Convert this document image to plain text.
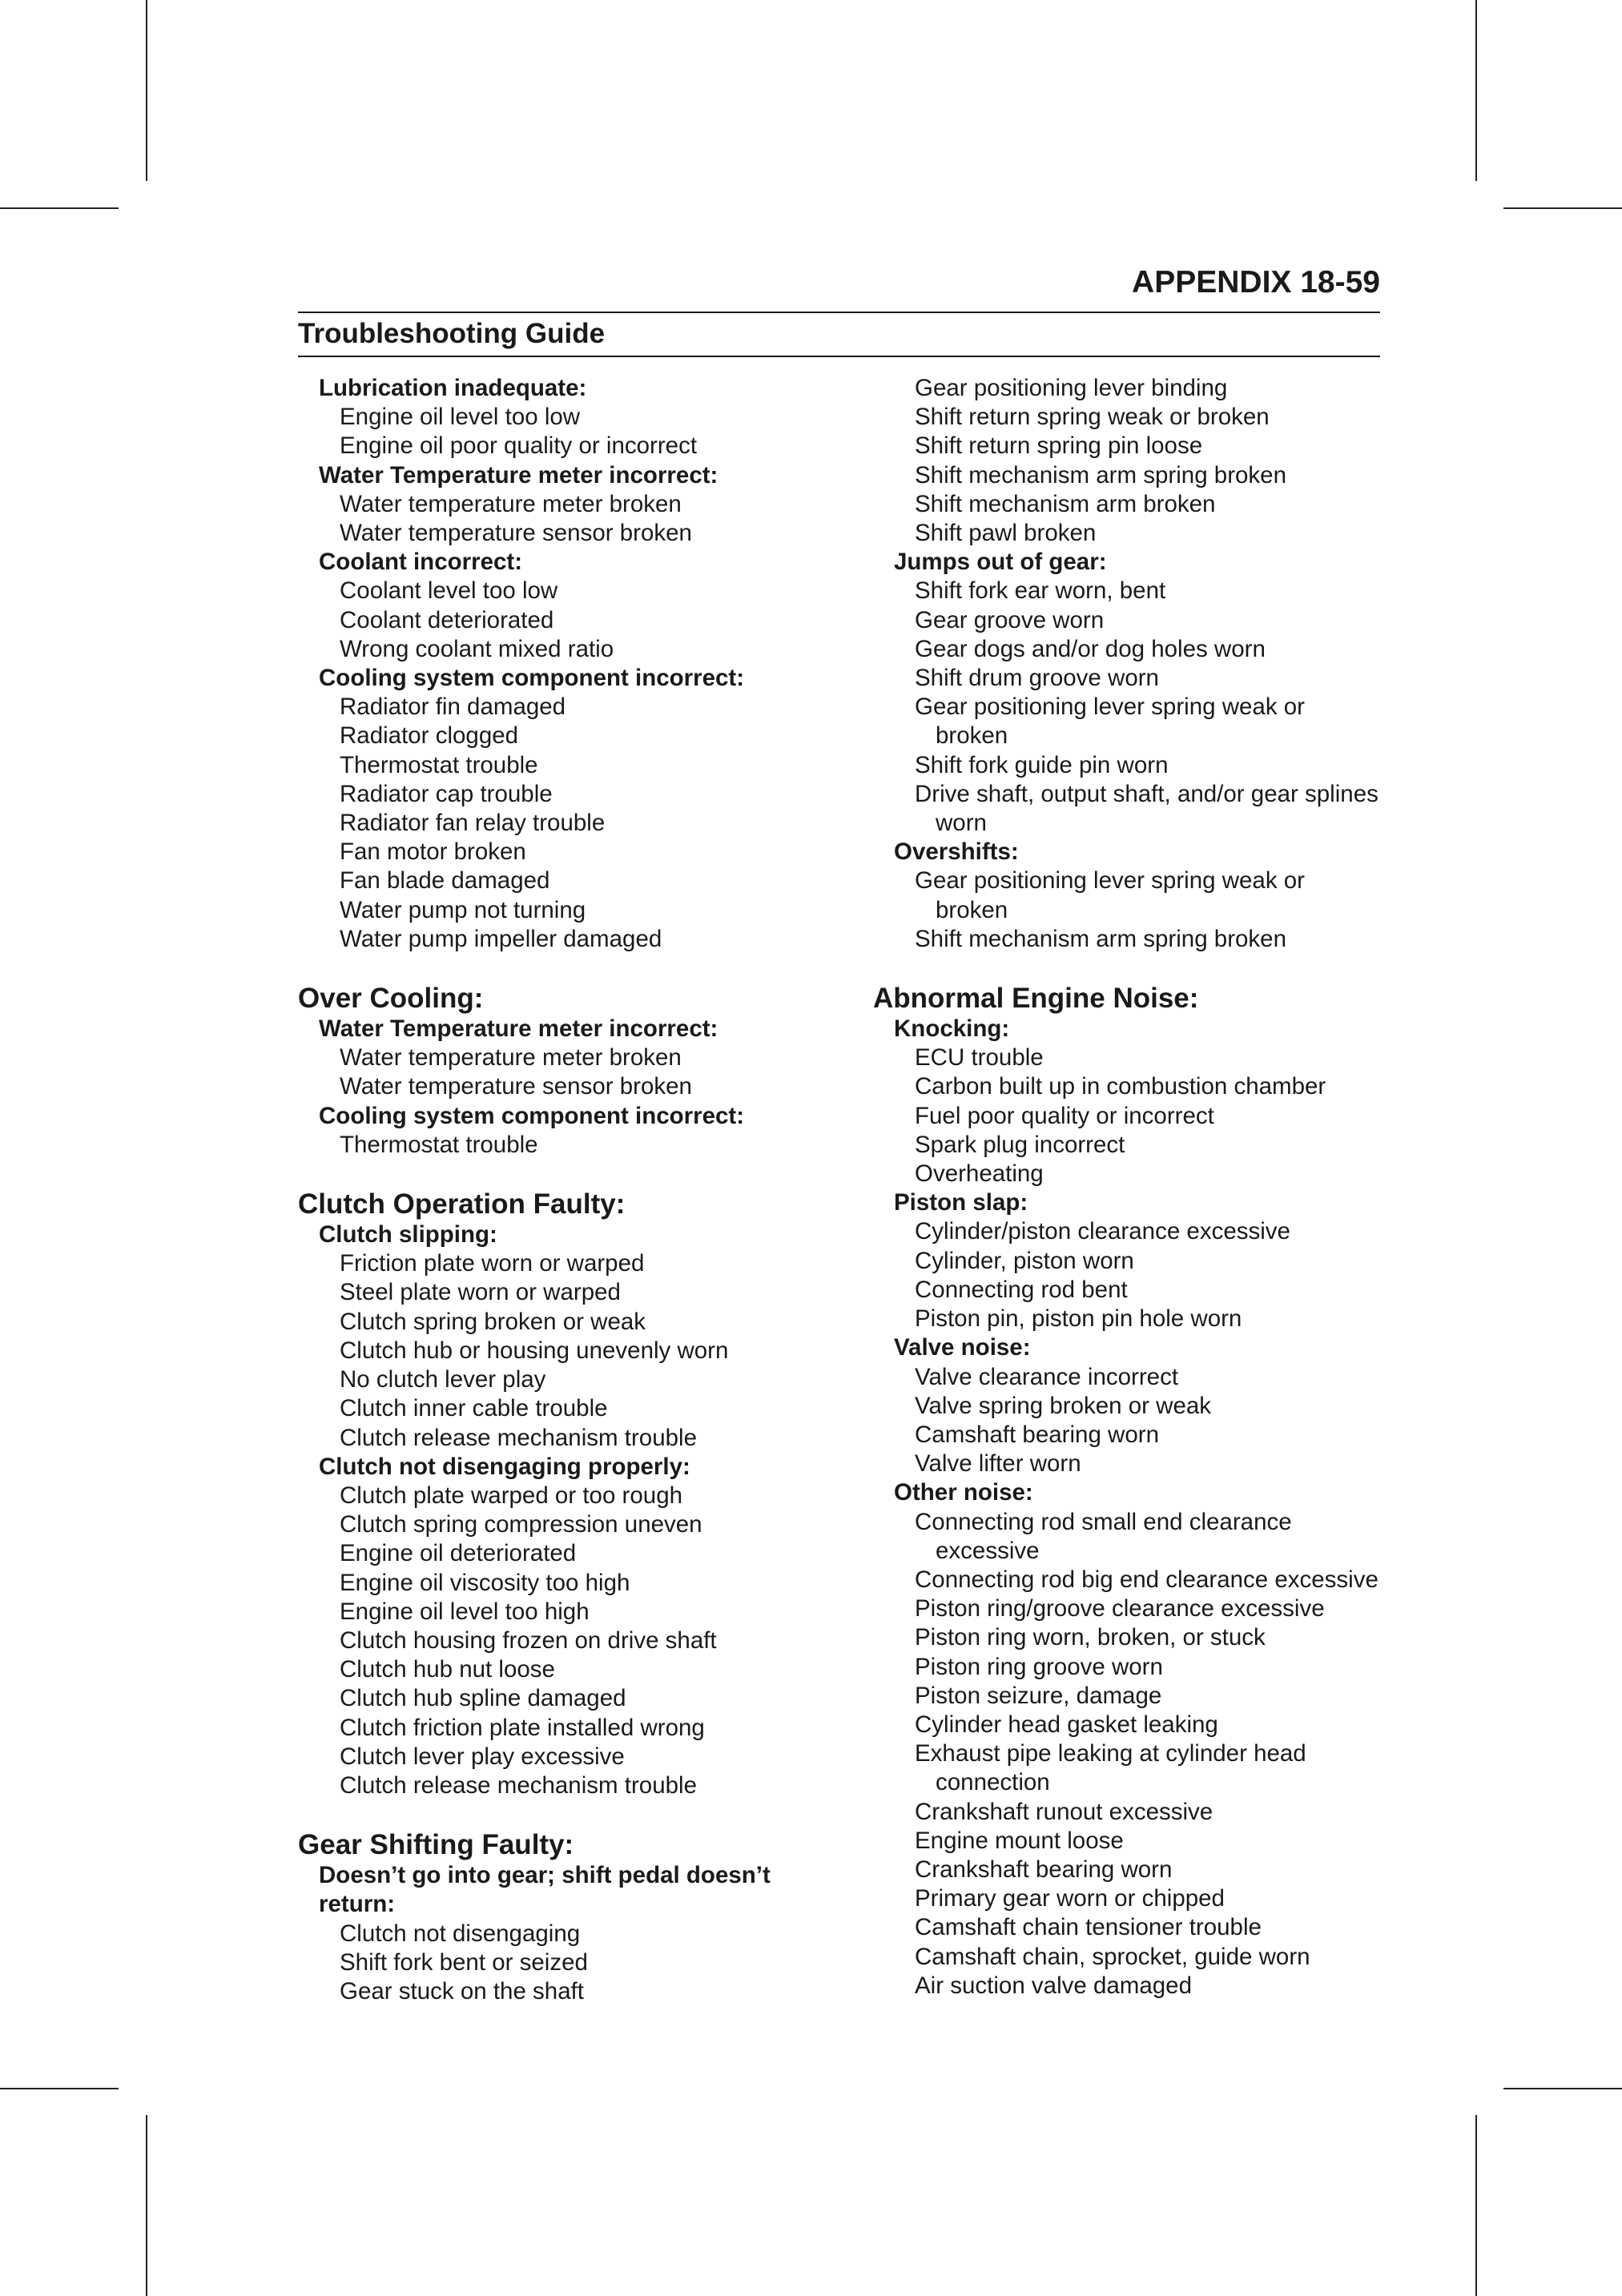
APPENDIX 18-59
Troubleshooting Guide
Lubrication inadequate:
Engine oil level too low
Engine oil poor quality or incorrect
Water Temperature meter incorrect:
Water temperature meter broken
Water temperature sensor broken
Coolant incorrect:
Coolant level too low
Coolant deteriorated
Wrong coolant mixed ratio
Cooling system component incorrect:
Radiator fin damaged
Radiator clogged
Thermostat trouble
Radiator cap trouble
Radiator fan relay trouble
Fan motor broken
Fan blade damaged
Water pump not turning
Water pump impeller damaged
Over Cooling:
Water Temperature meter incorrect:
Water temperature meter broken
Water temperature sensor broken
Cooling system component incorrect:
Thermostat trouble
Clutch Operation Faulty:
Clutch slipping:
Friction plate worn or warped
Steel plate worn or warped
Clutch spring broken or weak
Clutch hub or housing unevenly worn
No clutch lever play
Clutch inner cable trouble
Clutch release mechanism trouble
Clutch not disengaging properly:
Clutch plate warped or too rough
Clutch spring compression uneven
Engine oil deteriorated
Engine oil viscosity too high
Engine oil level too high
Clutch housing frozen on drive shaft
Clutch hub nut loose
Clutch hub spline damaged
Clutch friction plate installed wrong
Clutch lever play excessive
Clutch release mechanism trouble
Gear Shifting Faulty:
Doesn’t go into gear; shift pedal doesn’t return:
Clutch not disengaging
Shift fork bent or seized
Gear stuck on the shaft
Gear positioning lever binding
Shift return spring weak or broken
Shift return spring pin loose
Shift mechanism arm spring broken
Shift mechanism arm broken
Shift pawl broken
Jumps out of gear:
Shift fork ear worn, bent
Gear groove worn
Gear dogs and/or dog holes worn
Shift drum groove worn
Gear positioning lever spring weak or broken
Shift fork guide pin worn
Drive shaft, output shaft, and/or gear splines worn
Overshifts:
Gear positioning lever spring weak or broken
Shift mechanism arm spring broken
Abnormal Engine Noise:
Knocking:
ECU trouble
Carbon built up in combustion chamber
Fuel poor quality or incorrect
Spark plug incorrect
Overheating
Piston slap:
Cylinder/piston clearance excessive
Cylinder, piston worn
Connecting rod bent
Piston pin, piston pin hole worn
Valve noise:
Valve clearance incorrect
Valve spring broken or weak
Camshaft bearing worn
Valve lifter worn
Other noise:
Connecting rod small end clearance excessive
Connecting rod big end clearance excessive
Piston ring/groove clearance excessive
Piston ring worn, broken, or stuck
Piston ring groove worn
Piston seizure, damage
Cylinder head gasket leaking
Exhaust pipe leaking at cylinder head connection
Crankshaft runout excessive
Engine mount loose
Crankshaft bearing worn
Primary gear worn or chipped
Camshaft chain tensioner trouble
Camshaft chain, sprocket, guide worn
Air suction valve damaged
